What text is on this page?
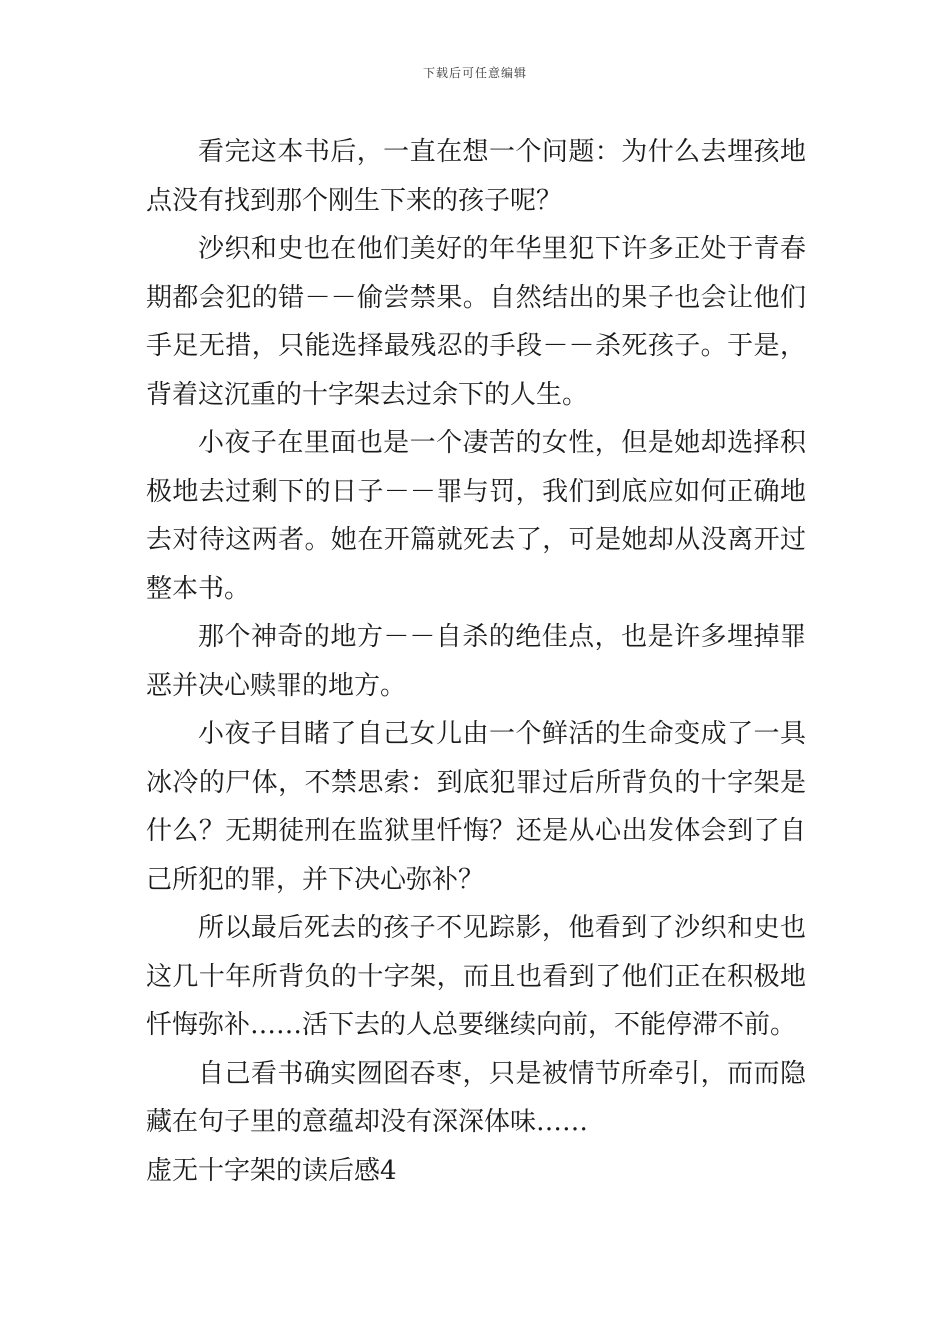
下载后可任意编辑

看完这本书后，一直在想一个问题：为什么去埋孩地点没有找到那个刚生下来的孩子呢？

沙织和史也在他们美好的年华里犯下许多正处于青春期都会犯的错－－偷尝禁果。自然结出的果子也会让他们手足无措，只能选择最残忍的手段－－杀死孩子。于是，背着这沉重的十字架去过余下的人生。

小夜子在里面也是一个凄苦的女性，但是她却选择积极地去过剩下的日子－－罪与罚，我们到底应如何正确地去对待这两者。她在开篇就死去了，可是她却从没离开过整本书。

那个神奇的地方－－自杀的绝佳点，也是许多埋掉罪恶并决心赎罪的地方。

小夜子目睹了自己女儿由一个鲜活的生命变成了一具冰冷的尸体，不禁思索：到底犯罪过后所背负的十字架是什么？无期徒刑在监狱里忏悔？还是从心出发体会到了自己所犯的罪，并下决心弥补？

所以最后死去的孩子不见踪影，他看到了沙织和史也这几十年所背负的十字架，而且也看到了他们正在积极地忏悔弥补……活下去的人总要继续向前，不能停滞不前。

自己看书确实囫囵吞枣，只是被情节所牵引，而而隐藏在句子里的意蕴却没有深深体味……

虚无十字架的读后感4
